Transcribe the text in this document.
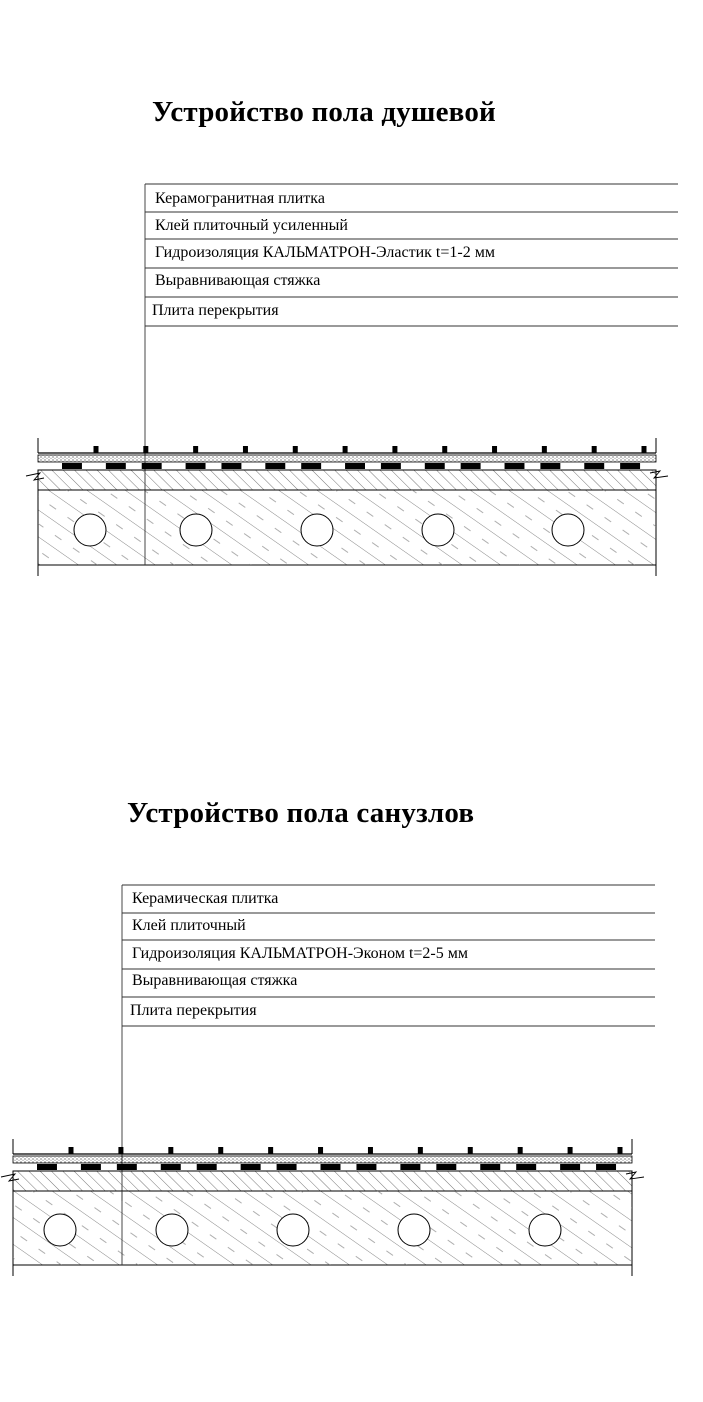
Устройство пола душевой
Керамогранитная плитка
Клей плиточный усиленный
Гидроизоляция КАЛЬМАТРОН-Эластик t=1-2 мм
Выравнивающая стяжка
Плита перекрытия
Устройство пола санузлов
Керамическая плитка
Клей плиточный
Гидроизоляция КАЛЬМАТРОН-Эконом t=2-5 мм
Выравнивающая стяжка
Плита перекрытия
